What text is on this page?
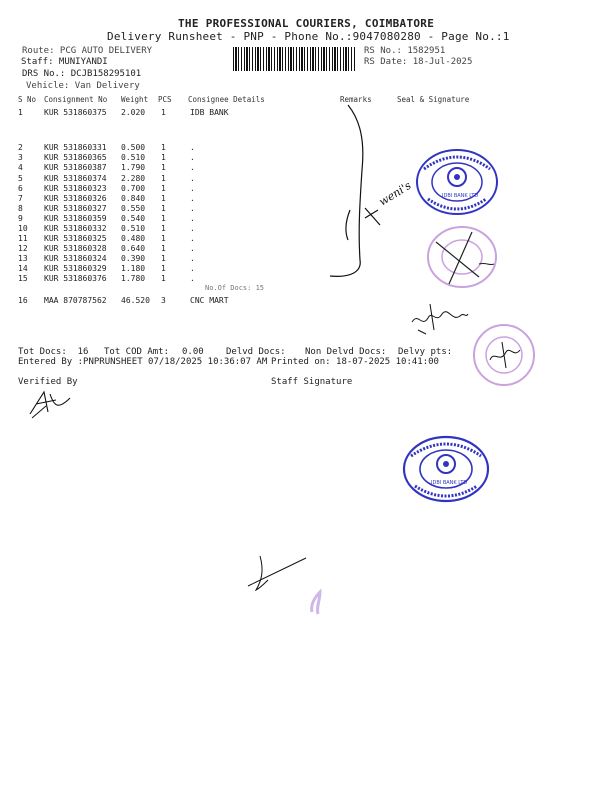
THE PROFESSIONAL COURIERS, COIMBATORE
Delivery Runsheet - PNP - Phone No.:9047080280 - Page No.:1
Route: PCG AUTO DELIVERY
Staff: MUNIYANDI
DRS No.: DCJB158295101
Vehicle: Van Delivery
RS No.: 1582951
RS Date: 18-Jul-2025
S No Consignment No Weight PCS Consignee Details	Remarks	Seal & Signature
1	KUR 531860375 2.020 1	IDB BANK
2	KUR 531860331 0.500 1	.
3	KUR 531860365 0.510 1	.
4	KUR 531860387 1.790 1	.
5	KUR 531860374 2.280 1	.
6	KUR 531860323 0.700 1	.
7	KUR 531860326 0.840 1	.
8	KUR 531860327 0.550 1	.
9	KUR 531860359 0.540 1	.
10 KUR 531860332 0.510 1	.
11 KUR 531860325 0.480 1	.
12 KUR 531860328 0.640 1	.
13 KUR 531860324 0.390 1	.
14 KUR 531860329 1.180 1	.
15 KUR 531860376 1.780 1	.
16 MAA 870787562 46.520 3	CNC MART
No.Of Docs: 15
Tot Docs:  16 Tot COD Amt: 0.00 Delvd Docs: Non Delvd Docs: Delvy pts:
Entered By :PNPRUNSHEET 07/18/2025 10:36:07 AM Printed on: 18-07-2025 10:41:00
Verified By	Staff Signature
weni's	IDBI BANK LTD
IDBI BANK LTD
